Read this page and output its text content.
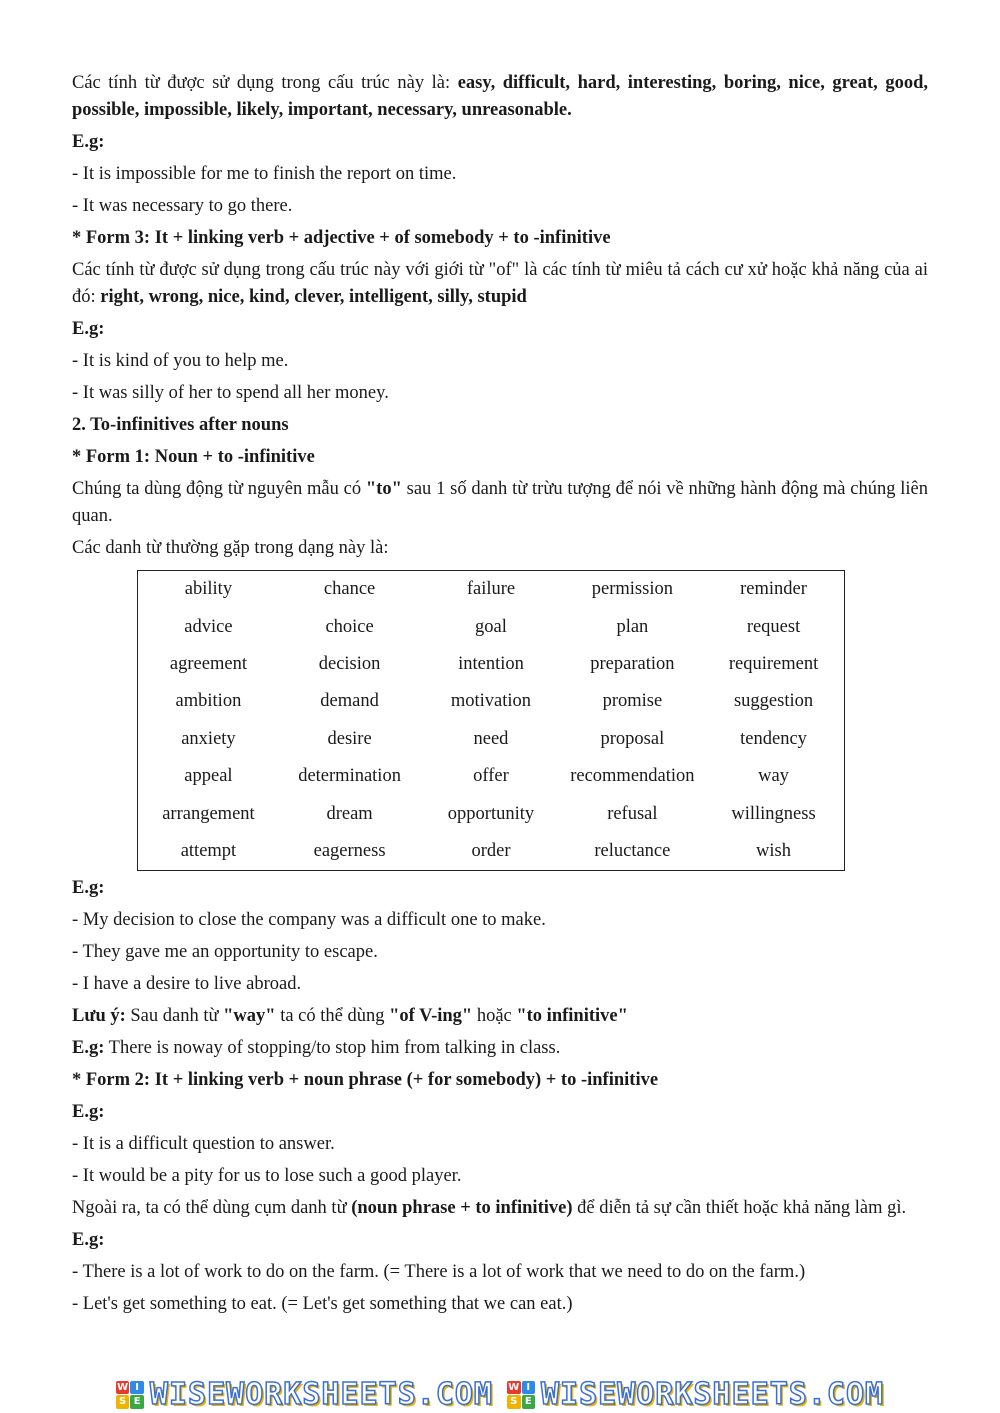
Các tính từ được sử dụng trong cấu trúc này là: easy, difficult, hard, interesting, boring, nice, great, good, possible, impossible, likely, important, necessary, unreasonable.

E.g:

- It is impossible for me to finish the report on time.

- It was necessary to go there.

* Form 3: It + linking verb + adjective + of somebody + to -infinitive

Các tính từ được sử dụng trong cấu trúc này với giới từ "of" là các tính từ miêu tả cách cư xử hoặc khả năng của ai đó: right, wrong, nice, kind, clever, intelligent, silly, stupid

E.g:

- It is kind of you to help me.

- It was silly of her to spend all her money.

2. To-infinitives after nouns

* Form 1: Noun + to -infinitive

Chúng ta dùng động từ nguyên mẫu có "to" sau 1 số danh từ trừu tượng để nói về những hành động mà chúng liên quan.

Các danh từ thường gặp trong dạng này là:

ability	chance	failure	permission	reminder
advice	choice	goal	plan	request
agreement	decision	intention	preparation	requirement
ambition	demand	motivation	promise	suggestion
anxiety	desire	need	proposal	tendency
appeal	determination	offer	recommendation	way
arrangement	dream	opportunity	refusal	willingness
attempt	eagerness	order	reluctance	wish

E.g:

- My decision to close the company was a difficult one to make.

- They gave me an opportunity to escape.

- I have a desire to live abroad.

Lưu ý: Sau danh từ "way" ta có thể dùng "of V-ing" hoặc "to infinitive"

E.g: There is noway of stopping/to stop him from talking in class.

* Form 2: It + linking verb + noun phrase (+ for somebody) + to -infinitive

E.g:

- It is a difficult question to answer.

- It would be a pity for us to lose such a good player.

Ngoài ra, ta có thể dùng cụm danh từ (noun phrase + to infinitive) để diễn tả sự cần thiết hoặc khả năng làm gì.

E.g:

- There is a lot of work to do on the farm. (= There is a lot of work that we need to do on the farm.)

- Let's get something to eat. (= Let's get something that we can eat.)

W I
S E WISEWORKSHEETS.COM W I
S E WISEWORKSHEETS.COM
